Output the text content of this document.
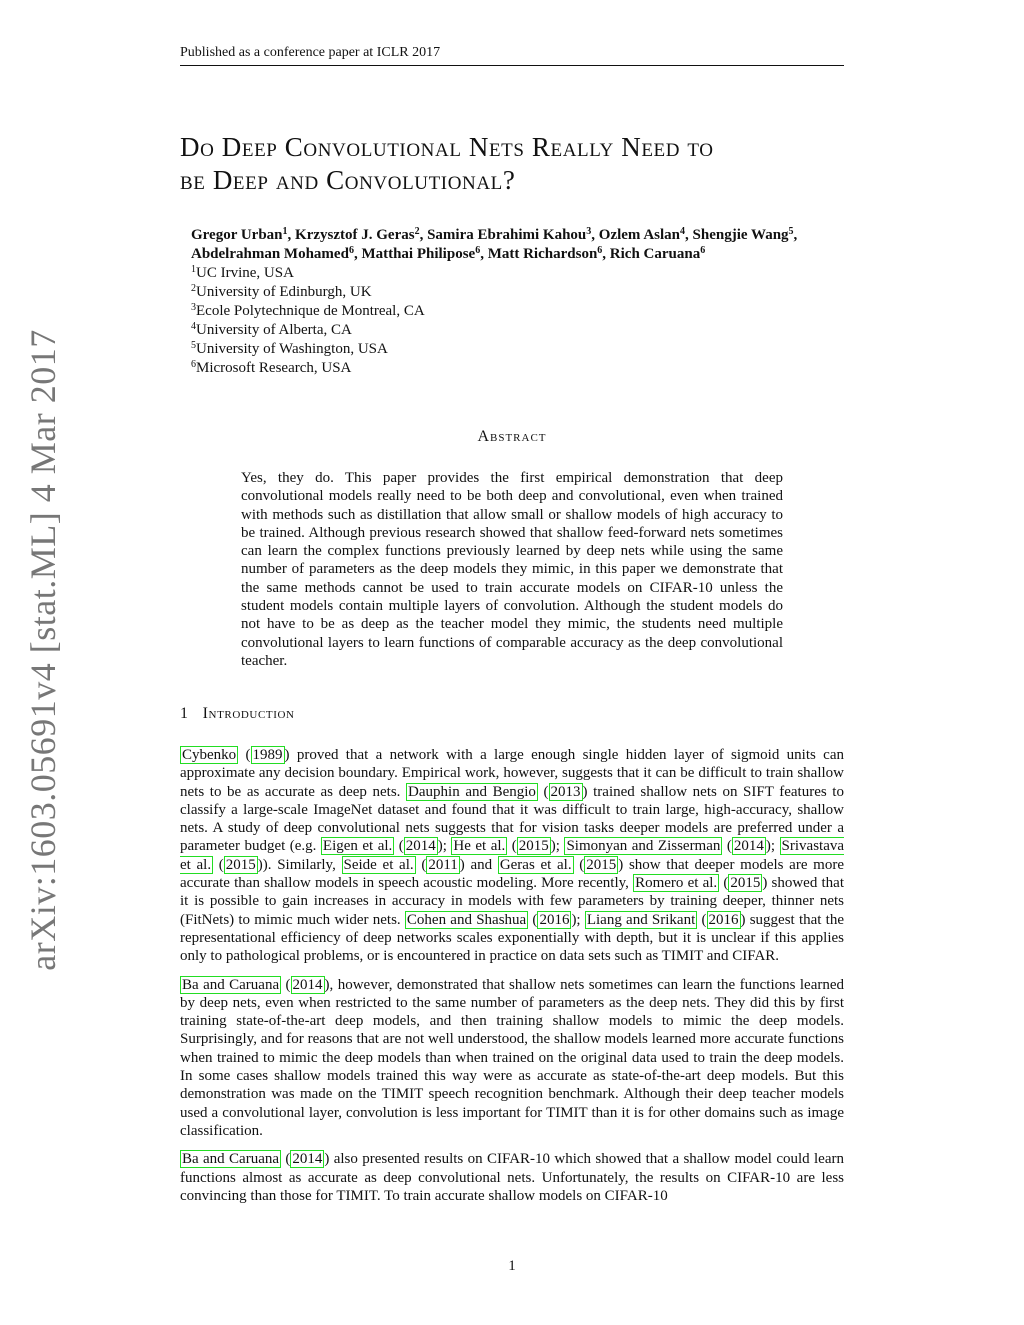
Published as a conference paper at ICLR 2017
Do Deep Convolutional Nets Really Need to
be Deep and Convolutional?
Gregor Urban$^1$, Krzysztof J. Geras$^2$, Samira Ebrahimi Kahou$^3$, Ozlem Aslan$^4$, Shengjie Wang$^5$,
Abdelrahman Mohamed$^6$, Matthai Philipose$^6$, Matt Richardson$^6$, Rich Caruana$^6$
$^1$UC Irvine, USA
$^2$University of Edinburgh, UK
$^3$Ecole Polytechnique de Montreal, CA
$^4$University of Alberta, CA
$^5$University of Washington, USA
$^6$Microsoft Research, USA
Abstract
Yes, they do. This paper provides the first empirical demonstration that deep convolutional models really need to be both deep and convolutional, even when trained with methods such as distillation that allow small or shallow models of high accuracy to be trained. Although previous research showed that shallow feed-forward nets sometimes can learn the complex functions previously learned by deep nets while using the same number of parameters as the deep models they mimic, in this paper we demonstrate that the same methods cannot be used to train accurate models on CIFAR-10 unless the student models contain multiple layers of convolution. Although the student models do not have to be as deep as the teacher model they mimic, the students need multiple convolutional layers to learn functions of comparable accuracy as the deep convolutional teacher.
1 Introduction

Cybenko ( 1989 ) proved that a network with a large enough single hidden layer of sigmoid units can approximate any decision boundary. Empirical work, however, suggests that it can be difficult to train shallow nets to be as accurate as deep nets. Dauphin and Bengio ( 2013 ) trained shallow nets on SIFT features to classify a large-scale ImageNet dataset and found that it was difficult to train large, high-accuracy, shallow nets. A study of deep convolutional nets suggests that for vision tasks deeper models are preferred under a parameter budget (e.g. Eigen et al. ( 2014 ); He et al. ( 2015 ); Simonyan and Zisserman ( 2014 ); Srivastava et al. ( 2015 )). Similarly, Seide et al. ( 2011 ) and Geras et al. ( 2015 ) show that deeper models are more accurate than shallow models in speech acoustic modeling. More recently, Romero et al. ( 2015 ) showed that it is possible to gain increases in accuracy in models with few parameters by training deeper, thinner nets (FitNets) to mimic much wider nets. Cohen and Shashua ( 2016 ); Liang and Srikant ( 2016 ) suggest that the representational efficiency of deep networks scales exponentially with depth, but it is unclear if this applies only to pathological problems, or is encountered in practice on data sets such as TIMIT and CIFAR.

Ba and Caruana ( 2014 ), however, demonstrated that shallow nets sometimes can learn the functions learned by deep nets, even when restricted to the same number of parameters as the deep nets. They did this by first training state-of-the-art deep models, and then training shallow models to mimic the deep models. Surprisingly, and for reasons that are not well understood, the shallow models learned more accurate functions when trained to mimic the deep models than when trained on the original data used to train the deep models. In some cases shallow models trained this way were as accurate as state-of-the-art deep models. But this demonstration was made on the TIMIT speech recognition benchmark. Although their deep teacher models used a convolutional layer, convolution is less important for TIMIT than it is for other domains such as image classification.

Ba and Caruana ( 2014 ) also presented results on CIFAR-10 which showed that a shallow model could learn functions almost as accurate as deep convolutional nets. Unfortunately, the results on CIFAR-10 are less convincing than those for TIMIT. To train accurate shallow models on CIFAR-10

1
arXiv:1603.05691v4 [stat.ML] 4 Mar 2017
